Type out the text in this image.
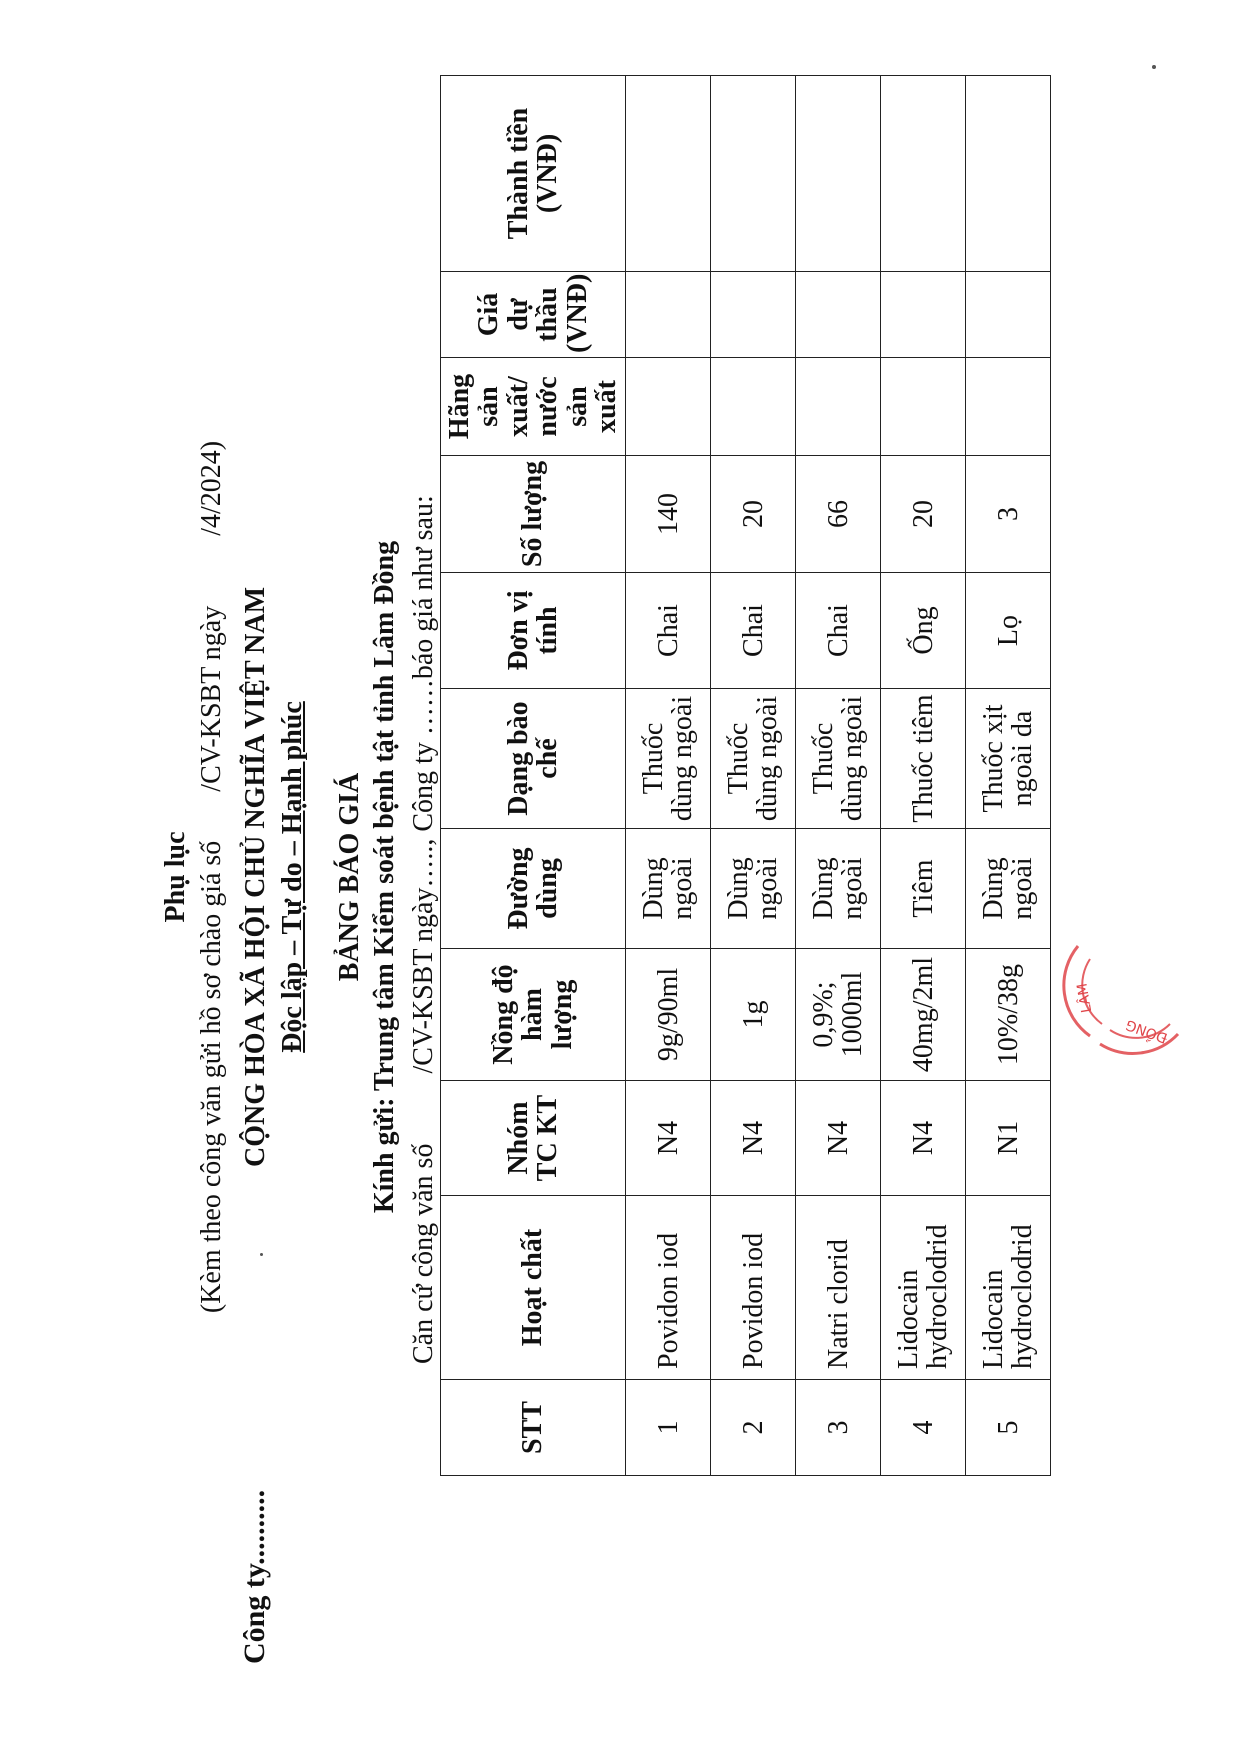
Công ty..........
Phụ lục (Kèm theo công văn gửi hồ sơ chào giá số       /CV-KSBT ngày          /4/2024) CỘNG HÒA XÃ HỘI CHỦ NGHĨA VIỆT NAM Độc lập – Tự do – Hạnh phúc BẢNG BÁO GIÁ Kính gửi: Trung tâm Kiểm soát bệnh tật tỉnh Lâm Đồng Căn cứ công văn số          /CV-KSBT ngày….., Công ty ……báo giá như sau:
STT	Hoạt chất	Nhóm TC KT	Nồng độ hàm lượng	Đường dùng	Dạng bào chế	Đơn vị tính	Số lượng	Hãng sản xuất/ nước sản xuất	Giá dự thầu (VNĐ)	Thành tiền (VNĐ)
1	Povidon iod	N4	9g/90ml	Dùng ngoài	Thuốc dùng ngoài	Chai	140			
2	Povidon iod	N4	1g	Dùng ngoài	Thuốc dùng ngoài	Chai	20			
3	Natri clorid	N4	0,9%; 1000ml	Dùng ngoài	Thuốc dùng ngoài	Chai	66			
4	Lidocain hydroclodrid	N4	40mg/2ml	Tiêm	Thuốc tiêm	Ống	20			
5	Lidocain hydroclodrid	N1	10%/38g	Dùng ngoài	Thuốc xịt ngoài da	Lọ	3			
LÂM
ĐỒNG
